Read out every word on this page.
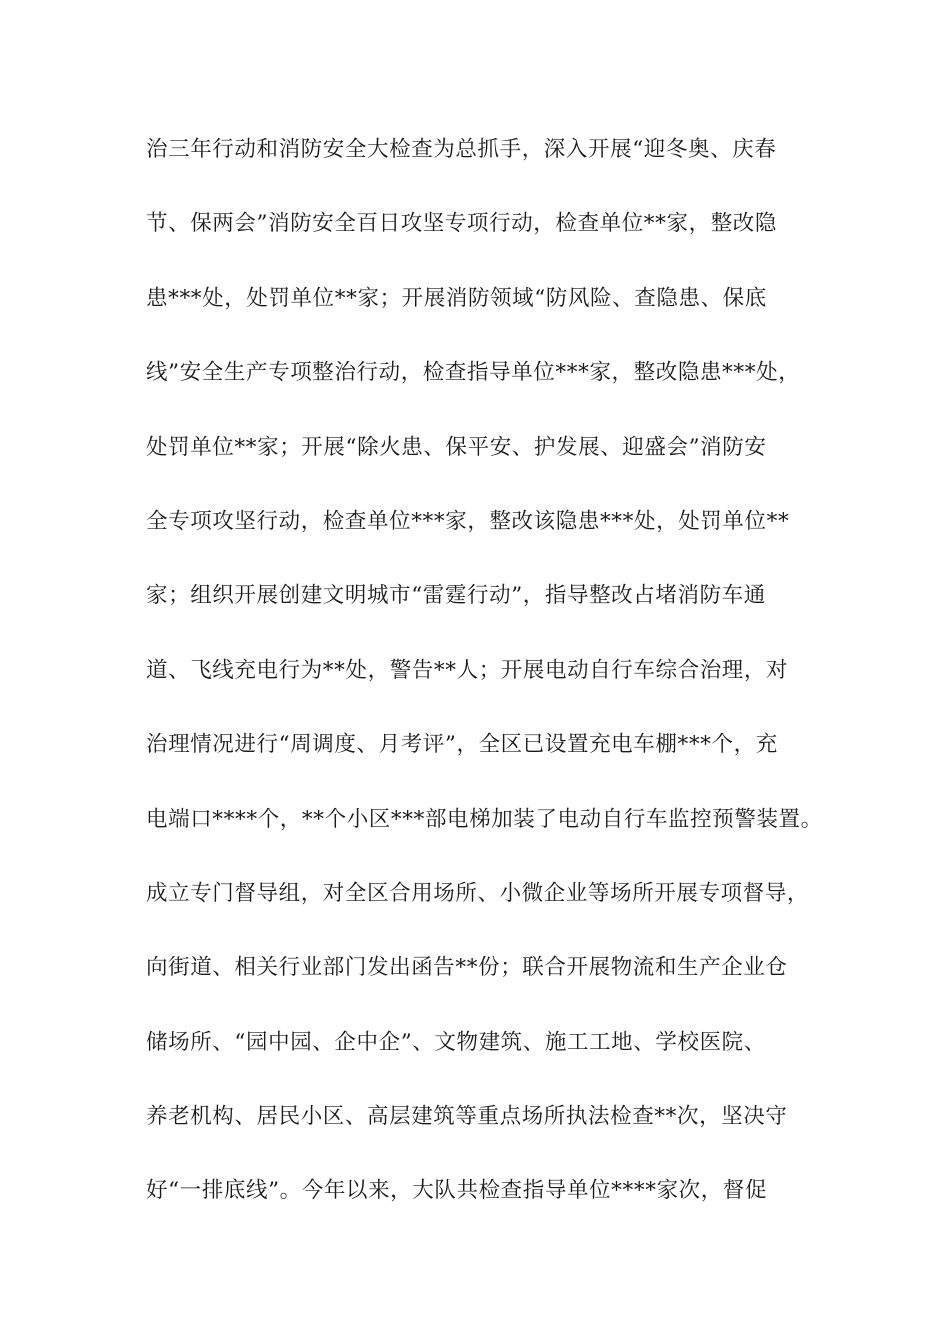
治三年行动和消防安全大检查为总抓手，深入开展“迎冬奥、庆春
节、保两会”消防安全百日攻坚专项行动，检查单位**家，整改隐
患***处，处罚单位**家；开展消防领域“防风险、查隐患、保底
线”安全生产专项整治行动，检查指导单位***家，整改隐患***处，
处罚单位**家；开展“除火患、保平安、护发展、迎盛会”消防安
全专项攻坚行动，检查单位***家，整改该隐患***处，处罚单位**
家；组织开展创建文明城市“雷霆行动”，指导整改占堵消防车通
道、飞线充电行为**处，警告**人；开展电动自行车综合治理，对
治理情况进行“周调度、月考评”，全区已设置充电车棚***个，充
电端口****个，**个小区***部电梯加装了电动自行车监控预警装置。
成立专门督导组，对全区合用场所、小微企业等场所开展专项督导，
向街道、相关行业部门发出函告**份；联合开展物流和生产企业仓
储场所、“园中园、企中企”、文物建筑、施工工地、学校医院、
养老机构、居民小区、高层建筑等重点场所执法检查**次，坚决守
好“一排底线”。今年以来，大队共检查指导单位****家次，督促
